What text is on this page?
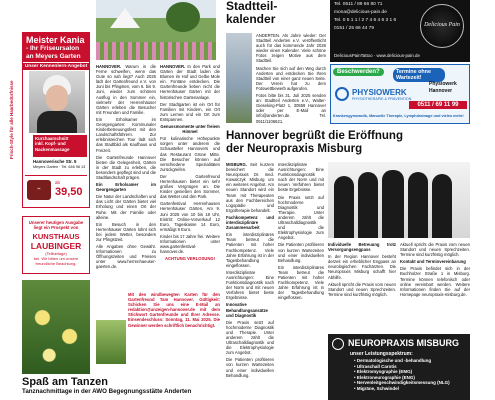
Meister Kania
- Ihr Friseursalon
an Meyers Garten
Unser Kennenlern-Angebot
Frisch-Style für alle Haarbedürfnisse	Kurzhaarschnitt
inkl. Kopf- und
Nackenmassage
Hannoverische Str. 5
Meyers Garten · Tel. 646 96 13
✂
ab
39,50
Unserer heutigen Ausgabe
liegt ein Prospekt von
KUNSTHAUS
LAUBINGER
(Teilbeilage)
bei. Wir bitten um unsere
freundliche Beachtung.

HANNOVER. Warum in die Ferne schweifen, wenn das Gute so nah liegt? Auch 2025 lädt der Gartenfreund e.V. von Juni bis Pfingsten, vom 6. bis 9. Juni, wieder zum schönen Ausflug in den Sommer ein, vielmehr der Herrenhäuser Gärten erleben die Besucher mit Freunden und Familie.

Ein Erholsamer im Georgengarten: Kommunaler Kinderbetreuungsfest mit den Landschaftsführern. Zur erlebnisreichen Tour lädt sich das Stadtbild als Kaufhaus und Freizeit.

Die Gartenfreunde Hannover bieten die Gelegenheit, Gärten in der Stadt zu erleben, die besonders gepflegt sind und die Stadtlandschaft prägen.

Ein Erholsamer im Georgengarten

Die Natur der Landschaften und das Licht der Gärten bietet viel Erholung und einen Ort der Ruhe. Mit der Familie oder alleine.

Ein Besuch in den Herrenhäuser Gärten lohnt sich bei jedem Wetter, besonders zur Pfingstzeit.

Alle Angaben ohne Gewähr. Informationen zu Öffnungszeiten und Preisen unter www.herrenhaeuser-gaerten.de.

HANNOVER. In den Park und Gärten der Stadt laden die Blumen im Hof und Gelbe Mole ein. Fontäne entdecken. Die Gartenfreunde lieben nicht die Herrenhäuser Gärten mit der historischen Gartenanlage.

Der Stadtgarten ist ein Ort für Familien mit Kindern, ein Ort zum Lernen und ein Ort zum Entspannen.

Genussmomente unter freiem Himmel

Für kulinarische Höhepunkte sorgen unter anderem die Schausteller Hannovers und das Restaurant Grüne Mitte. Die Besucher können auf verschiedene Spezialitäten zurückgreifen.

Der Gartenfreund Herrenhausen bietet ein sehr großes Vergnügen an. Die Kinder genießen den Sommer, das Wetter und den Park.

Gartenfestival Herrenhausen Herrenhäuser Gärten, Am 9. Juni 2025 von 10 bis 18 Uhr, Eintritt: Online-Vorverkauf 12 Euro, Tageskasse 14 Euro, ermäßigt 8 Euro.

Kinder bis 17 Jahre frei. Weitere Informationen unter www.gartenfestival-hannover.de.

ACHTUNG VERLOSUNG!

Mit den windbewegten Karten für den Gartenfreund Tam Hannover. Gültigkeit: Schicken Sie uns eine E-Mail an redaktion@anzeigen-hannover.de mit dem Stichwort Gartenfreunde und Ihrer Adresse. Einsendeschluss: Sonntag, 11. Mai 2025. Die Gewinner werden schriftlich benachrichtigt.
Stadtteil-
kalender

ANDERTEN. Als Jahre wieder: Der Stadtteil Anderten e.V. veröffentlicht auch für das kommende Jahr 2026 wieder einen Kalender. Viele schöne Fotos zeigen Motive aus dem Stadtteil.

Machen Sie sich auf den Weg durch Anderten und entdecken Sie Ihren Stadtteil von einer ganz neuen Seite. Der Verein hat zu dem Fotowettbewerb aufgerufen.

Fotos bitte bis 31. Juli 2025 senden an: Stadtteil Anderten e.V., Walter-Gieseking-Platz 1, 30559 Hannover oder per E-Mail an info@anderten.de. Tel. 0511/1106621.

Tel. 0511 / 89 66 80 71
mona@delicious-pain.de
Tel. 0 5 1 1 / 2 7 4 6 4 6 3 1 6
0151 / 25 66 44 79
Delicious Pain
DeliciousPainTattoo · www.delicious-pain.de
Beschwerden?	Termine ohne Wartezeit!
PHYSIOWERK
PHYSIOTHERAPIE & PRÄVENTION
Physiowerk
Hannover
0511 / 69 11 99
Krankengymnastik, Manuelle Therapie, Lymphdrainage und vieles mehr!
Hannover begrüßt die Eröffnung
der Neuropraxis Misburg

MISBURG. Seit kurzem bereichert die Neuropraxis Dr. med. Kowalczyk Misburg um ein weiteres Angebot. Am neuen Standort wird ein Team mit Therapeuten aus den Fachbereichen Logopädie und Ergotherapie behandelt.

Fachkompetenz und interdisziplinäre Zusammenarbeit

Ein interdisziplinäres Team betreut die Patienten mit hoher Fachkompetenz. Viele Jahre Erfahrung ist in der Tagesbehandlung eingeflossen.

Interdisziplinäre Ausrichtungen: Eine Funktionsdiagnostik nach der Norm und mit neuen Verfahren bietet beste Ergebnisse.

Innovative Behandlungsansätze und Diagnostik

Die Praxis setzt auf hochmoderne Diagnostik und Therapie. Unter anderem zählt die Ultraschalldiagnostik und die Elektrophysiologie zum Angebot.

Die Patienten profitieren von kurzen Wartezeiten und einer individuellen Behandlung.

Interdisziplinäre Ausrichtungen: Eine Funktionsdiagnostik nach der Norm und mit neuen Verfahren bietet beste Ergebnisse.

Die Praxis setzt auf hochmoderne Diagnostik und Therapie. Unter anderem zählt die Ultraschalldiagnostik und die Elektrophysiologie zum Angebot.

Die Patienten profitieren von kurzen Wartezeiten und einer individuellen Behandlung.

Ein interdisziplinäres Team betreut die Patienten mit hoher Fachkompetenz. Viele Jahre Erfahrung ist in der Tagesbehandlung eingeflossen.

Individuelle Betreuung trotz Versorgungsengpass

In der Region Hannover besteht derzeit ein erheblicher Engpass an neurologischen Fachärzten. Die Neuropraxis Misburg schafft hier Abhilfe.

Aktuell spricht die Praxis vom neuen Standort und neuen Sprechzeiten. Termine sind kurzfristig möglich.

Aktuell spricht die Praxis vom neuen Standort und neuen Sprechzeiten. Termine sind kurzfristig möglich.

Kontakt und Terminvereinbarung

Die Praxis befindet sich in der Buchholzer Straße 1 in Misburg. Termine können telefonisch oder online vereinbart werden. Weitere Informationen finden Sie auf der Homepage neuropraxis-misburg.de.

NEUROPRAXIS MISBURG
unser Leistungsspektrum:
• Dermatologische und -behandlung
• Ultraschall Carotis
• Elektromyographie (EMG)
• Elektroneurographie (ENG)
• Nervenleitgeschwindigkeitsmessung (NLG)
• Migräne, Schwindel
Spaß am Tanzen
Tanznachmittage in der AWO Begegnungsstätte Anderten
